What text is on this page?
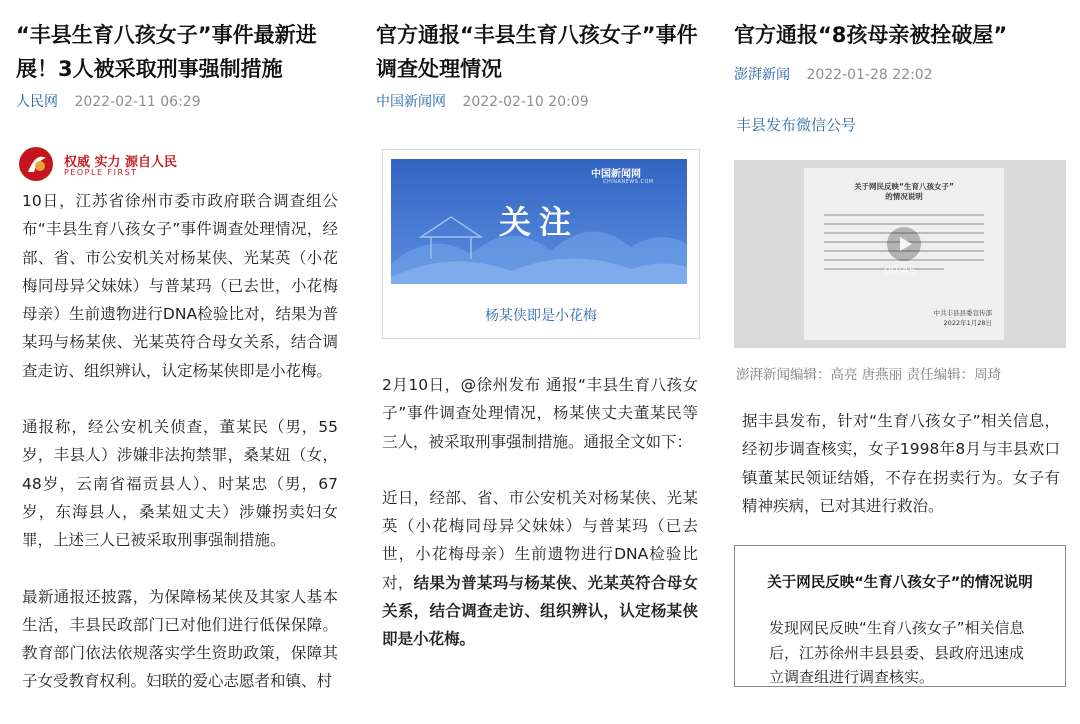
“丰县生育八孩女子”事件最新进
展！3人被采取刑事强制措施
人民网 2022-02-11 06:29
权威 实力 源自人民
PEOPLE FIRST

10日，江苏省徐州市委市政府联合调查组公布“丰县生育八孩女子”事件调查处理情况，经部、省、市公安机关对杨某侠、光某英（小花梅同母异父妹妹）与普某玛（已去世，小花梅母亲）生前遗物进行DNA检验比对，结果为普某玛与杨某侠、光某英符合母女关系，结合调查走访、组织辨认，认定杨某侠即是小花梅。

通报称，经公安机关侦查，董某民（男，55岁，丰县人）涉嫌非法拘禁罪，桑某妞（女，48岁，云南省福贡县人）、时某忠（男，67岁，东海县人，桑某妞丈夫）涉嫌拐卖妇女罪，上述三人已被采取刑事强制措施。

最新通报还披露，为保障杨某侠及其家人基本生活，丰县民政部门已对他们进行低保保障。教育部门依法依规落实学生资助政策，保障其子女受教育权利。妇联的爱心志愿者和镇、村

官方通报“丰县生育八孩女子”事件
调查处理情况
中国新闻网 2022-02-10 20:09
中国新闻网
CHINANEWS.COM
关注
杨某侠即是小花梅

2月10日，@徐州发布 通报“丰县生育八孩女子”事件调查处理情况，杨某侠丈夫董某民等三人，被采取刑事强制措施。通报全文如下：

近日，经部、省、市公安机关对杨某侠、光某英（小花梅同母异父妹妹）与普某玛（已去世，小花梅母亲）生前遗物进行DNA检验比对，结果为普某玛与杨某侠、光某英符合母女关系，结合调查走访、组织辨认，认定杨某侠即是小花梅。

官方通报“8孩母亲被拴破屋”
澎湃新闻 2022-01-28 22:02
丰县发布微信公号
关于网民反映“生育八孩女子”
的情况说明
00:45
中共丰县县委宣传部
2022年1月28日
澎湃新闻编辑：高亮 唐燕丽 责任编辑：周琦

据丰县发布，针对“生育八孩女子”相关信息，经初步调查核实，女子1998年8月与丰县欢口镇董某民领证结婚，不存在拐卖行为。女子有精神疾病，已对其进行救治。

关于网民反映“生育八孩女子”的情况说明
发现网民反映“生育八孩女子”相关信息后，江苏徐州丰县县委、县政府迅速成立调查组进行调查核实。
